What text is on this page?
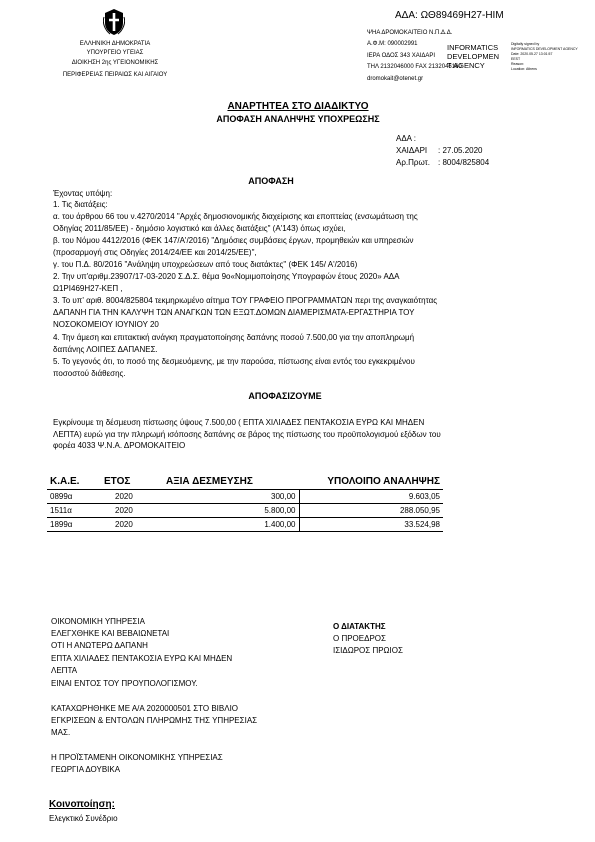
ΕΛΛΗΝΙΚΗ ΔΗΜΟΚΡΑΤΙΑ
ΥΠΟΥΡΓΕΙΟ ΥΓΕΙΑΣ
ΔΙΟΙΚΗΣΗ 2ης ΥΓΕΙΟΝΟΜΙΚΗΣ
ΠΕΡΙΦΕΡΕΙΑΣ ΠΕΙΡΑΙΩΣ ΚΑΙ ΑΙΓΑΙΟΥ
ΑΔΑ: ΩΘ89469Η27-ΗΙΜ
ΨΗΑ ΔΡΟΜΟΚΑΙΤΕΙΟ Ν.Π.Δ.Δ.
Α.Φ.Μ: 090002991
ΙΕΡΑ ΟΔΟΣ 343 ΧΑΙΔΑΡΙ
ΤΗΛ 2132046000 FAX 2132046160
dromokait@otenet.gr
INFORMATICS
DEVELOPMEN
T AGENCY
Digitally signed by
INFORMATICS DEVELOPMENT AGENCY
Date: 2020.05.27 13:01:57
EEST
Reason:
Location: Athens
ΑΝΑΡΤΗΤΕΑ ΣΤΟ ΔΙΑΔΙΚΤΥΟ
ΑΠΟΦΑΣΗ ΑΝΑΛΗΨΗΣ ΥΠΟΧΡΕΩΣΗΣ
ΑΔΑ :
ΧΑΙΔΑΡΙ : 27.05.2020
Αρ.Πρωτ. : 8004/825804
ΑΠΟΦΑΣΗ
Έχοντας υπόψη:
1. Τις διατάξεις:
α. του άρθρου 66 του ν.4270/2014 "Αρχές δημοσιονομικής διαχείρισης και εποπτείας (ενσωμάτωση της
Οδηγίας 2011/85/ΕΕ) - δημόσιο λογιστικό και άλλες διατάξεις" (Α'143) όπως ισχύει,
β. του Νόμου 4412/2016 (ΦΕΚ 147/Α'/2016) "Δημόσιες συμβάσεις έργων, προμηθειών και υπηρεσιών
(προσαρμογή στις Οδηγίες 2014/24/ΕΕ και 2014/25/ΕΕ)",
γ. του Π.Δ. 80/2016 "Ανάληψη υποχρεώσεων από τους διατάκτες" (ΦΕΚ 145/ Α'/2016)
2. Την υπ'αριθμ.23907/17-03-2020 Σ.Δ.Σ. θέμα 9ο«Νομιμοποίησης Υπογραφών έτους 2020» ΑΔΑ
Ω1ΡΙ469Η27-ΚΕΠ ,
3. Το υπ' αριθ. 8004/825804 τεκμηριωμένο αίτημα ΤΟΥ ΓΡΑΦΕΙΟ ΠΡΟΓΡΑΜΜΑΤΩΝ περι της αναγκαιότητας
ΔΑΠΑΝΗ ΓΙΑ ΤΗΝ ΚΑΛΥΨΗ ΤΩΝ ΑΝΑΓΚΩΝ ΤΩΝ ΕΞΩΤ.ΔΟΜΩΝ ΔΙΑΜΕΡΙΣΜΑΤΑ-ΕΡΓΑΣΤΗΡΙΑ ΤΟΥ
ΝΟΣΟΚΟΜΕΙΟΥ ΙΟΥΝΙΟΥ 20
4. Την άμεση και επιτακτική ανάγκη πραγματοποίησης δαπάνης ποσού 7.500,00 για την αποπληρωμή
δαπάνης ΛΟΙΠΕΣ ΔΑΠΑΝΕΣ.
5. Το γεγονός ότι, το ποσό της δεσμευόμενης, με την παρούσα, πίστωσης είναι εντός του εγκεκριμένου
ποσοστού διάθεσης.
ΑΠΟΦΑΣΙΖΟΥΜΕ
Εγκρίνουμε τη δέσμευση πίστωσης ύψους 7.500,00 ( ΕΠΤΑ ΧΙΛΙΑΔΕΣ ΠΕΝΤΑΚΟΣΙΑ ΕΥΡΩ ΚΑΙ ΜΗΔΕΝ
ΛΕΠΤΑ) ευρώ για την πληρωμή ισόποσης δαπάνης σε βάρος της πίστωσης του προϋπολογισμού εξόδων του
φορέα 4033 Ψ.Ν.Α. ΔΡΟΜΟΚΑΙΤΕΙΟ
Κ.Α.Ε.	ΕΤΟΣ	ΑΞΙΑ ΔΕΣΜΕΥΣΗΣ	ΥΠΟΛΟΙΠΟ ΑΝΑΛΗΨΗΣ
0899α	2020	300,00	9.603,05
1511α	2020	5.800,00	288.050,95
1899α	2020	1.400,00	33.524,98
ΟΙΚΟΝΟΜΙΚΗ ΥΠΗΡΕΣΙΑ
ΕΛΕΓΧΘΗΚΕ ΚΑΙ ΒΕΒΑΙΩΝΕΤΑΙ
ΟΤΙ Η ΑΝΩΤΕΡΩ ΔΑΠΑΝΗ
ΕΠΤΑ ΧΙΛΙΑΔΕΣ ΠΕΝΤΑΚΟΣΙΑ ΕΥΡΩ ΚΑΙ ΜΗΔΕΝ
ΛΕΠΤΑ
ΕΙΝΑΙ ΕΝΤΟΣ ΤΟΥ ΠΡΟΥΠΟΛΟΓΙΣΜΟΥ.
Ο ΔΙΑΤΑΚΤΗΣ
Ο ΠΡΟΕΔΡΟΣ
ΙΣΙΔΩΡΟΣ ΠΡΩΙΟΣ
ΚΑΤΑΧΩΡΗΘΗΚΕ ΜΕ Α/Α 2020000501 ΣΤΟ ΒΙΒΛΙΟ
ΕΓΚΡΙΣΕΩΝ & ΕΝΤΟΛΩΝ ΠΛΗΡΩΜΗΣ ΤΗΣ ΥΠΗΡΕΣΙΑΣ
ΜΑΣ.
Η ΠΡΟΪΣΤΑΜΕΝΗ ΟΙΚΟΝΟΜΙΚΗΣ ΥΠΗΡΕΣΙΑΣ
ΓΕΩΡΓΙΑ ΔΟΥΒΙΚΑ
Κοινοποίηση:
Ελεγκτικό Συνέδριο
